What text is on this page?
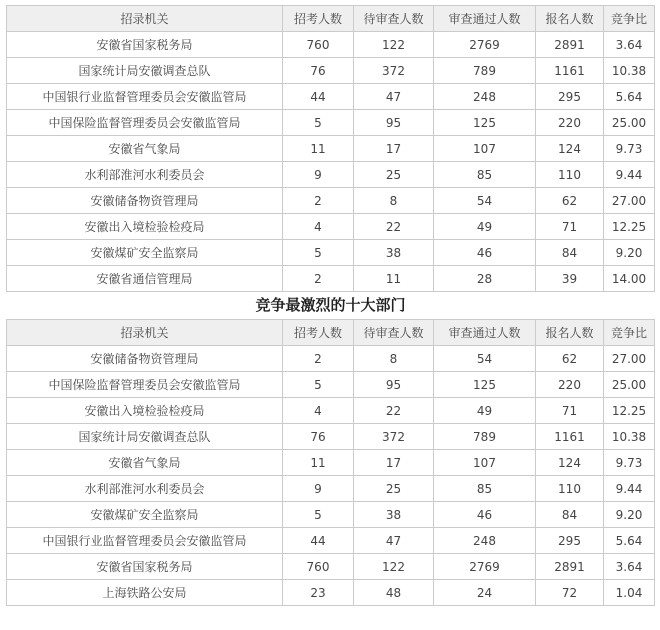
招录机关	招考人数	待审查人数	审查通过人数	报名人数	竞争比
安徽省国家税务局	760	122	2769	2891	3.64
国家统计局安徽调查总队	76	372	789	1161	10.38
中国银行业监督管理委员会安徽监管局	44	47	248	295	5.64
中国保险监督管理委员会安徽监管局	5	95	125	220	25.00
安徽省气象局	11	17	107	124	9.73
水利部淮河水利委员会	9	25	85	110	9.44
安徽储备物资管理局	2	8	54	62	27.00
安徽出入境检验检疫局	4	22	49	71	12.25
安徽煤矿安全监察局	5	38	46	84	9.20
安徽省通信管理局	2	11	28	39	14.00
竞争最激烈的十大部门
招录机关	招考人数	待审查人数	审查通过人数	报名人数	竞争比
安徽储备物资管理局	2	8	54	62	27.00
中国保险监督管理委员会安徽监管局	5	95	125	220	25.00
安徽出入境检验检疫局	4	22	49	71	12.25
国家统计局安徽调查总队	76	372	789	1161	10.38
安徽省气象局	11	17	107	124	9.73
水利部淮河水利委员会	9	25	85	110	9.44
安徽煤矿安全监察局	5	38	46	84	9.20
中国银行业监督管理委员会安徽监管局	44	47	248	295	5.64
安徽省国家税务局	760	122	2769	2891	3.64
上海铁路公安局	23	48	24	72	1.04
